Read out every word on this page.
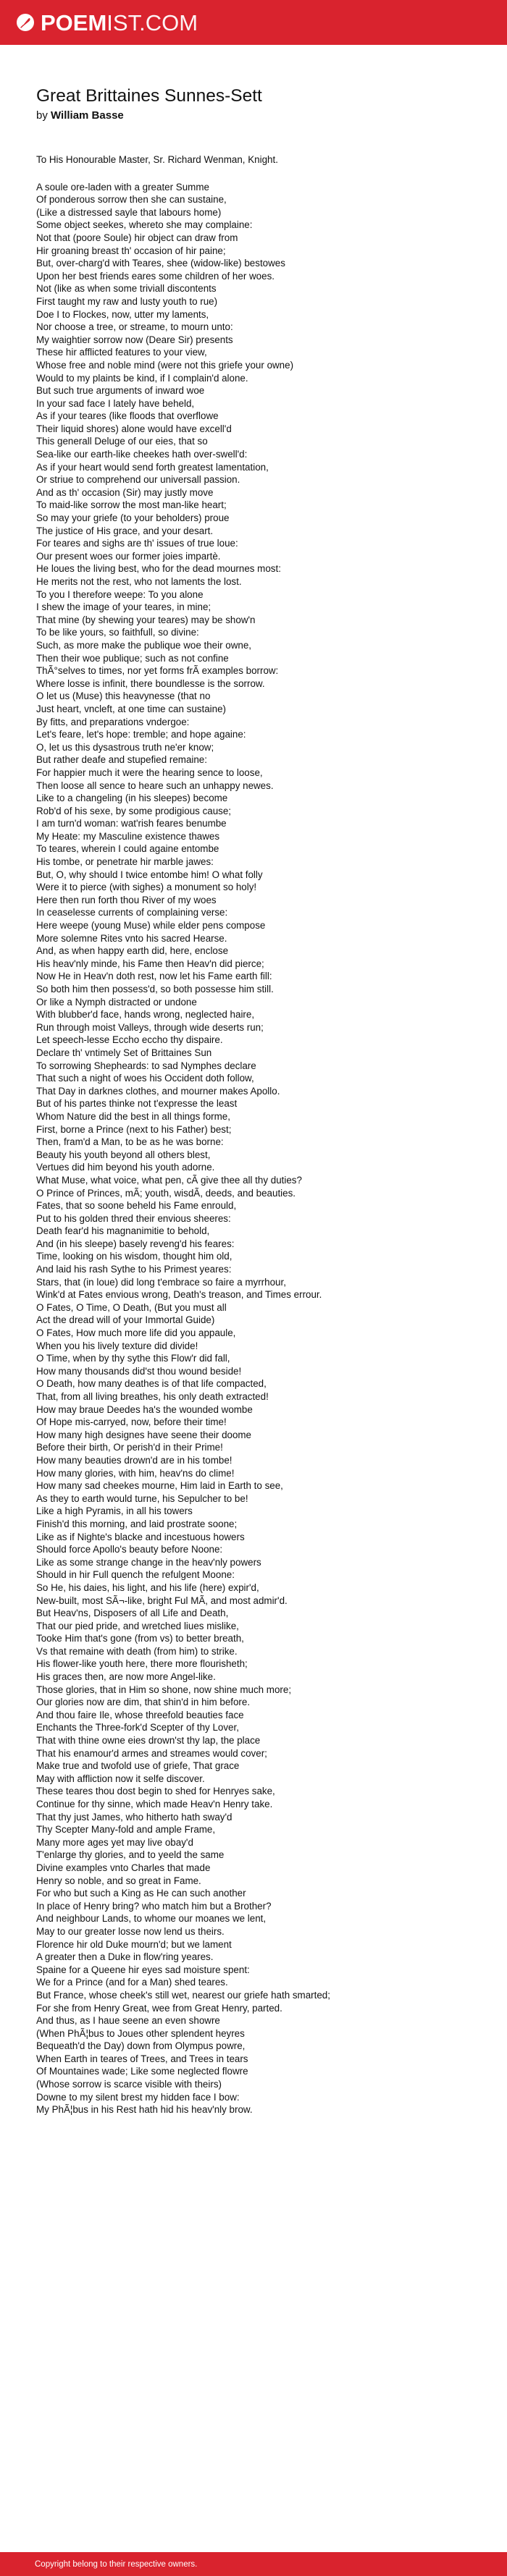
POEM IST.COM
Great Brittaines Sunnes-Sett
by William Basse
To His Honourable Master, Sr. Richard Wenman, Knight.
A soule ore-laden with a greater Summe
Of ponderous sorrow then she can sustaine,
(Like a distressed sayle that labours home)
Some object seekes, whereto she may complaine:
Not that (poore Soule) hir object can draw from
Hir groaning breast th' occasion of hir paine;
But, over-charg'd with Teares, shee (widow-like) bestowes
Upon her best friends eares some children of her woes.
Not (like as when some triviall discontents
First taught my raw and lusty youth to rue)
Doe I to Flockes, now, utter my laments,
Nor choose a tree, or streame, to mourn unto:
My waightier sorrow now (Deare Sir) presents
These hir afflicted features to your view,
Whose free and noble mind (were not this griefe your owne)
Would to my plaints be kind, if I complain'd alone.
But such true arguments of inward woe
In your sad face I lately have beheld,
As if your teares (like floods that overflowe
Their liquid shores) alone would have excell'd
This generall Deluge of our eies, that so
Sea-like our earth-like cheekes hath over-swell'd:
As if your heart would send forth greatest lamentation,
Or striue to comprehend our universall passion.
And as th' occasion (Sir) may justly move
To maid-like sorrow the most man-like heart;
So may your griefe (to your beholders) proue
The justice of His grace, and your desart.
For teares and sighs are th' issues of true loue:
Our present woes our former joies impartè.
He loues the living best, who for the dead mournes most:
He merits not the rest, who not laments the lost.
To you I therefore weepe: To you alone
I shew the image of your teares, in mine;
That mine (by shewing your teares) may be show'n
To be like yours, so faithfull, so divine:
Such, as more make the publique woe their owne,
Then their woe publique; such as not confine
ThÃ°selves to times, nor yet forms frÃ examples borrow:
Where losse is infinit, there boundlesse is the sorrow.
O let us (Muse) this heavynesse (that no
Just heart, vncleft, at one time can sustaine)
By fitts, and preparations vndergoe:
Let's feare, let's hope: tremble; and hope againe:
O, let us this dysastrous truth ne'er know;
But rather deafe and stupefied remaine:
For happier much it were the hearing sence to loose,
Then loose all sence to heare such an unhappy newes.
Like to a changeling (in his sleepes) become
Rob'd of his sexe, by some prodigious cause;
I am turn'd woman: wat'rish feares benumbe
My Heate: my Masculine existence thawes
To teares, wherein I could againe entombe
His tombe, or penetrate hir marble jawes:
But, O, why should I twice entombe him! O what folly
Were it to pierce (with sighes) a monument so holy!
Here then run forth thou River of my woes
In ceaselesse currents of complaining verse:
Here weepe (young Muse) while elder pens compose
More solemne Rites vnto his sacred Hearse.
And, as when happy earth did, here, enclose
His heav'nly minde, his Fame then Heav'n did pierce;
Now He in Heav'n doth rest, now let his Fame earth fill:
So both him then possess'd, so both possesse him still.
Or like a Nymph distracted or undone
With blubber'd face, hands wrong, neglected haire,
Run through moist Valleys, through wide deserts run;
Let speech-lesse Eccho eccho thy dispaire.
Declare th' vntimely Set of Brittaines Sun
To sorrowing Shepheards: to sad Nymphes declare
That such a night of woes his Occident doth follow,
That Day in darknes clothes, and mourner makes Apollo.
But of his partes thinke not t'expresse the least
Whom Nature did the best in all things forme,
First, borne a Prince (next to his Father) best;
Then, fram'd a Man, to be as he was borne:
Beauty his youth beyond all others blest,
Vertues did him beyond his youth adorne.
What Muse, what voice, what pen, cÃ give thee all thy duties?
O Prince of Princes, mÃ; youth, wisdÃ, deeds, and beauties.
Fates, that so soone beheld his Fame enrould,
Put to his golden thred their envious sheeres:
Death fear'd his magnanimitie to behold,
And (in his sleepe) basely reveng'd his feares:
Time, looking on his wisdom, thought him old,
And laid his rash Sythe to his Primest yeares:
Stars, that (in loue) did long t'embrace so faire a myrrhour,
Wink'd at Fates envious wrong, Death's treason, and Times errour.
O Fates, O Time, O Death, (But you must all
Act the dread will of your Immortal Guide)
O Fates, How much more life did you appaule,
When you his lively texture did divide!
O Time, when by thy sythe this Flow'r did fall,
How many thousands did'st thou wound beside!
O Death, how many deathes is of that life compacted,
That, from all living breathes, his only death extracted!
How may braue Deedes ha's the wounded wombe
Of Hope mis-carryed, now, before their time!
How many high designes have seene their doome
Before their birth, Or perish'd in their Prime!
How many beauties drown'd are in his tombe!
How many glories, with him, heav'ns do clime!
How many sad cheekes mourne, Him laid in Earth to see,
As they to earth would turne, his Sepulcher to be!
Like a high Pyramis, in all his towers
Finish'd this morning, and laid prostrate soone;
Like as if Nighte's blacke and incestuous howers
Should force Apollo's beauty before Noone:
Like as some strange change in the heav'nly powers
Should in hir Full quench the refulgent Moone:
So He, his daies, his light, and his life (here) expir'd,
New-built, most SÃ¬-like, bright Ful MÃ, and most admir'd.
But Heav'ns, Disposers of all Life and Death,
That our pied pride, and wretched liues mislike,
Tooke Him that's gone (from vs) to better breath,
Vs that remaine with death (from him) to strike.
His flower-like youth here, there more flourisheth;
His graces then, are now more Angel-like.
Those glories, that in Him so shone, now shine much more;
Our glories now are dim, that shin'd in him before.
And thou faire Ile, whose threefold beauties face
Enchants the Three-fork'd Scepter of thy Lover,
That with thine owne eies drown'st thy lap, the place
That his enamour'd armes and streames would cover;
Make true and twofold use of griefe, That grace
May with affliction now it selfe discover.
These teares thou dost begin to shed for Henryes sake,
Continue for thy sinne, which made Heav'n Henry take.
That thy just James, who hitherto hath sway'd
Thy Scepter Many-fold and ample Frame,
Many more ages yet may live obay'd
T'enlarge thy glories, and to yeeld the same
Divine examples vnto Charles that made
Henry so noble, and so great in Fame.
For who but such a King as He can such another
In place of Henry bring? who match him but a Brother?
And neighbour Lands, to whome our moanes we lent,
May to our greater losse now lend us theirs.
Florence hir old Duke mourn'd; but we lament
A greater then a Duke in flow'ring yeares.
Spaine for a Queene hir eyes sad moisture spent:
We for a Prince (and for a Man) shed teares.
But France, whose cheek's still wet, nearest our griefe hath smarted;
For she from Henry Great, wee from Great Henry, parted.
And thus, as I haue seene an even showre
(When PhÃ¦bus to Joues other splendent heyres
Bequeath'd the Day) down from Olympus powre,
When Earth in teares of Trees, and Trees in tears
Of Mountaines wade; Like some neglected flowre
(Whose sorrow is scarce visible with theirs)
Downe to my silent brest my hidden face I bow:
My PhÃ¦bus in his Rest hath hid his heav'nly brow.
Copyright belong to their respective owners.
